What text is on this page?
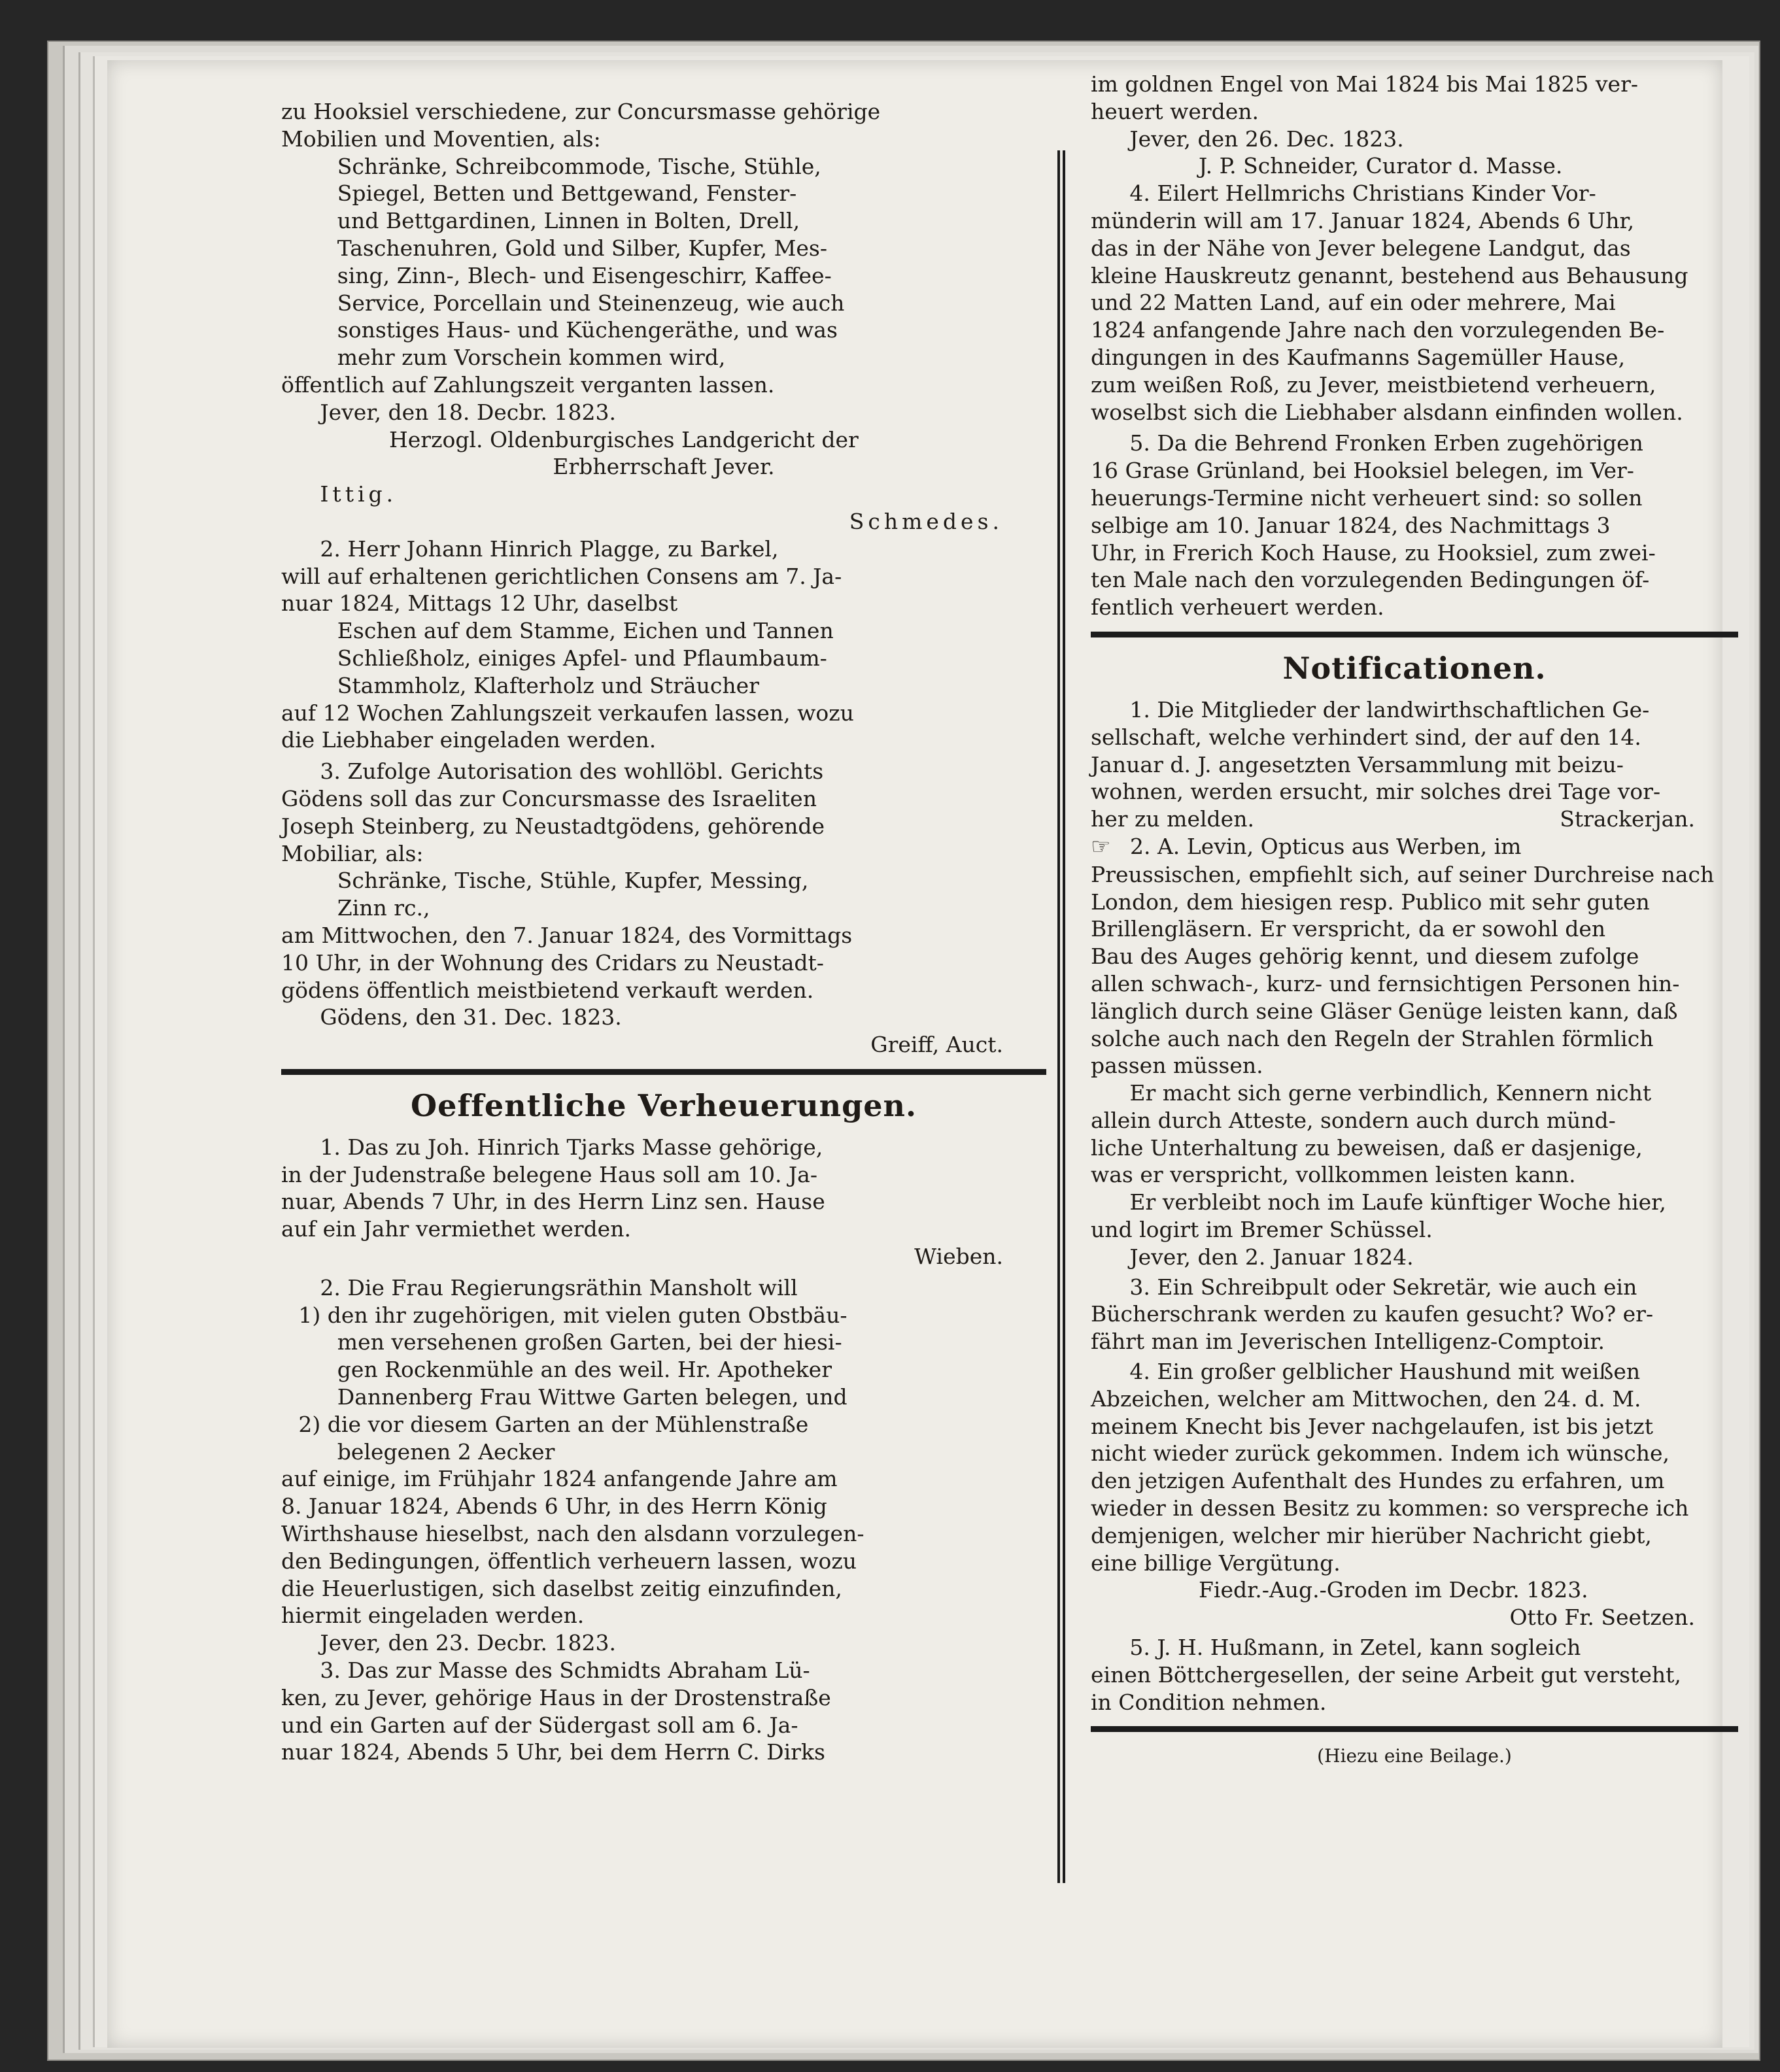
zu Hooksiel verschiedene, zur Concursmasse gehörige

Mobilien und Moventien, als:

Schränke, Schreibcommode, Tische, Stühle,

Spiegel, Betten und Bettgewand, Fenster-

und Bettgardinen, Linnen in Bolten, Drell,

Taschenuhren, Gold und Silber, Kupfer, Mes-

sing, Zinn-, Blech- und Eisengeschirr, Kaffee-

Service, Porcellain und Steinenzeug, wie auch

sonstiges Haus- und Küchengeräthe, und was

mehr zum Vorschein kommen wird,

öffentlich auf Zahlungszeit verganten lassen.

Jever, den 18. Decbr. 1823.

Herzogl. Oldenburgisches Landgericht der

Erbherrschaft Jever.

Ittig.

Schmedes.

2. Herr Johann Hinrich Plagge, zu Barkel,

will auf erhaltenen gerichtlichen Consens am 7. Ja-

nuar 1824, Mittags 12 Uhr, daselbst

Eschen auf dem Stamme, Eichen und Tannen

Schließholz, einiges Apfel- und Pflaumbaum-

Stammholz, Klafterholz und Sträucher

auf 12 Wochen Zahlungszeit verkaufen lassen, wozu

die Liebhaber eingeladen werden.

3. Zufolge Autorisation des wohllöbl. Gerichts

Gödens soll das zur Concursmasse des Israeliten

Joseph Steinberg, zu Neustadtgödens, gehörende

Mobiliar, als:

Schränke, Tische, Stühle, Kupfer, Messing,

Zinn rc.,

am Mittwochen, den 7. Januar 1824, des Vormittags

10 Uhr, in der Wohnung des Cridars zu Neustadt-

gödens öffentlich meistbietend verkauft werden.

Gödens, den 31. Dec. 1823.

Greiff, Auct.

Oeffentliche Verheuerungen.

1. Das zu Joh. Hinrich Tjarks Masse gehörige,

in der Judenstraße belegene Haus soll am 10. Ja-

nuar, Abends 7 Uhr, in des Herrn Linz sen. Hause

auf ein Jahr vermiethet werden.

Wieben.

2. Die Frau Regierungsräthin Mansholt will

1) den ihr zugehörigen, mit vielen guten Obstbäu-

men versehenen großen Garten, bei der hiesi-

gen Rockenmühle an des weil. Hr. Apotheker

Dannenberg Frau Wittwe Garten belegen, und

2) die vor diesem Garten an der Mühlenstraße

belegenen 2 Aecker

auf einige, im Frühjahr 1824 anfangende Jahre am

8. Januar 1824, Abends 6 Uhr, in des Herrn König

Wirthshause hieselbst, nach den alsdann vorzulegen-

den Bedingungen, öffentlich verheuern lassen, wozu

die Heuerlustigen, sich daselbst zeitig einzufinden,

hiermit eingeladen werden.

Jever, den 23. Decbr. 1823.

3. Das zur Masse des Schmidts Abraham Lü-

ken, zu Jever, gehörige Haus in der Drostenstraße

und ein Garten auf der Südergast soll am 6. Ja-

nuar 1824, Abends 5 Uhr, bei dem Herrn C. Dirks

im goldnen Engel von Mai 1824 bis Mai 1825 ver-

heuert werden.

Jever, den 26. Dec. 1823.

J. P. Schneider, Curator d. Masse.

4. Eilert Hellmrichs Christians Kinder Vor-

münderin will am 17. Januar 1824, Abends 6 Uhr,

das in der Nähe von Jever belegene Landgut, das

kleine Hauskreutz genannt, bestehend aus Behausung

und 22 Matten Land, auf ein oder mehrere, Mai

1824 anfangende Jahre nach den vorzulegenden Be-

dingungen in des Kaufmanns Sagemüller Hause,

zum weißen Roß, zu Jever, meistbietend verheuern,

woselbst sich die Liebhaber alsdann einfinden wollen.

5. Da die Behrend Fronken Erben zugehörigen

16 Grase Grünland, bei Hooksiel belegen, im Ver-

heuerungs-Termine nicht verheuert sind: so sollen

selbige am 10. Januar 1824, des Nachmittags 3

Uhr, in Frerich Koch Hause, zu Hooksiel, zum zwei-

ten Male nach den vorzulegenden Bedingungen öf-

fentlich verheuert werden.

Notificationen.

1. Die Mitglieder der landwirthschaftlichen Ge-

sellschaft, welche verhindert sind, der auf den 14.

Januar d. J. angesetzten Versammlung mit beizu-

wohnen, werden ersucht, mir solches drei Tage vor-

her zu melden.	Strackerjan.

☞ 2. A. Levin, Opticus aus Werben, im

Preussischen, empfiehlt sich, auf seiner Durchreise nach

London, dem hiesigen resp. Publico mit sehr guten

Brillengläsern. Er verspricht, da er sowohl den

Bau des Auges gehörig kennt, und diesem zufolge

allen schwach-, kurz- und fernsichtigen Personen hin-

länglich durch seine Gläser Genüge leisten kann, daß

solche auch nach den Regeln der Strahlen förmlich

passen müssen.

Er macht sich gerne verbindlich, Kennern nicht

allein durch Atteste, sondern auch durch münd-

liche Unterhaltung zu beweisen, daß er dasjenige,

was er verspricht, vollkommen leisten kann.

Er verbleibt noch im Laufe künftiger Woche hier,

und logirt im Bremer Schüssel.

Jever, den 2. Januar 1824.

3. Ein Schreibpult oder Sekretär, wie auch ein

Bücherschrank werden zu kaufen gesucht? Wo? er-

fährt man im Jeverischen Intelligenz-Comptoir.

4. Ein großer gelblicher Haushund mit weißen

Abzeichen, welcher am Mittwochen, den 24. d. M.

meinem Knecht bis Jever nachgelaufen, ist bis jetzt

nicht wieder zurück gekommen. Indem ich wünsche,

den jetzigen Aufenthalt des Hundes zu erfahren, um

wieder in dessen Besitz zu kommen: so verspreche ich

demjenigen, welcher mir hierüber Nachricht giebt,

eine billige Vergütung.

Fiedr.-Aug.-Groden im Decbr. 1823.

Otto Fr. Seetzen.

5. J. H. Hußmann, in Zetel, kann sogleich

einen Böttchergesellen, der seine Arbeit gut versteht,

in Condition nehmen.

(Hiezu eine Beilage.)
